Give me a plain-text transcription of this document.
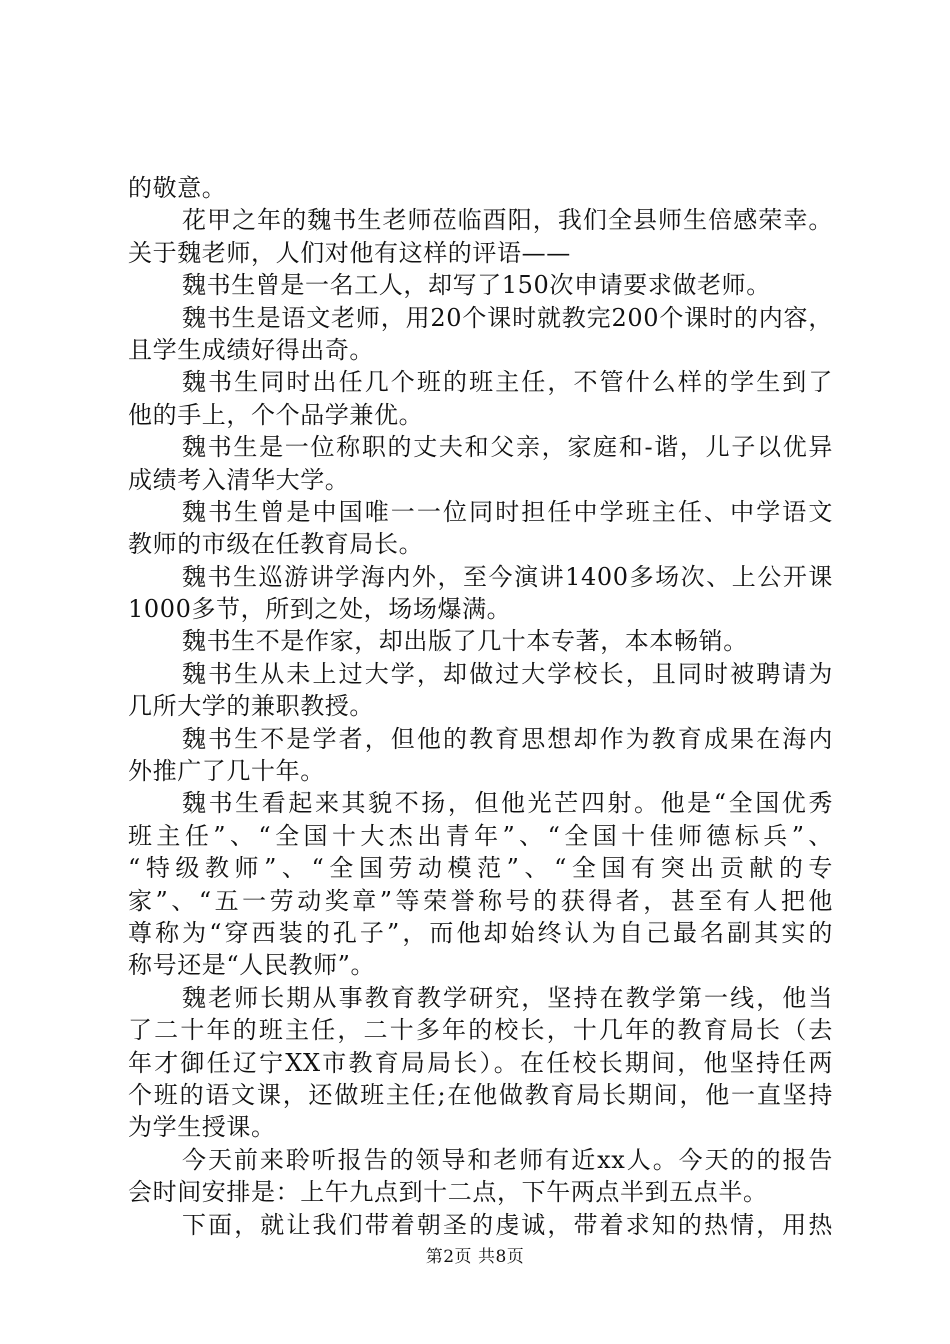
的敬意。
花甲之年的魏书生老师莅临酉阳，我们全县师生倍感荣幸。
关于魏老师，人们对他有这样的评语——
魏书生曾是一名工人，却写了150次申请要求做老师。
魏书生是语文老师，用20个课时就教完200个课时的内容，
且学生成绩好得出奇。
魏书生同时出任几个班的班主任，不管什么样的学生到了
他的手上，个个品学兼优。
魏书生是一位称职的丈夫和父亲，家庭和-谐，儿子以优异
成绩考入清华大学。
魏书生曾是中国唯一一位同时担任中学班主任、中学语文
教师的市级在任教育局长。
魏书生巡游讲学海内外，至今演讲1400多场次、上公开课
1000多节，所到之处，场场爆满。
魏书生不是作家，却出版了几十本专著，本本畅销。
魏书生从未上过大学，却做过大学校长，且同时被聘请为
几所大学的兼职教授。
魏书生不是学者，但他的教育思想却作为教育成果在海内
外推广了几十年。
魏书生看起来其貌不扬，但他光芒四射。他是“全国优秀
班主任”、“全国十大杰出青年”、“全国十佳师德标兵”、
“特级教师”、“全国劳动模范”、“全国有突出贡献的专
家”、“五一劳动奖章”等荣誉称号的获得者，甚至有人把他
尊称为“穿西装的孔子”，而他却始终认为自己最名副其实的
称号还是“人民教师”。
魏老师长期从事教育教学研究，坚持在教学第一线，他当
了二十年的班主任，二十多年的校长，十几年的教育局长（去
年才御任辽宁XX市教育局局长）。在任校长期间，他坚持任两
个班的语文课，还做班主任;在他做教育局长期间，他一直坚持
为学生授课。
今天前来聆听报告的领导和老师有近xx人。今天的的报告
会时间安排是：上午九点到十二点，下午两点半到五点半。
下面，就让我们带着朝圣的虔诚，带着求知的热情，用热
第2页 共8页
